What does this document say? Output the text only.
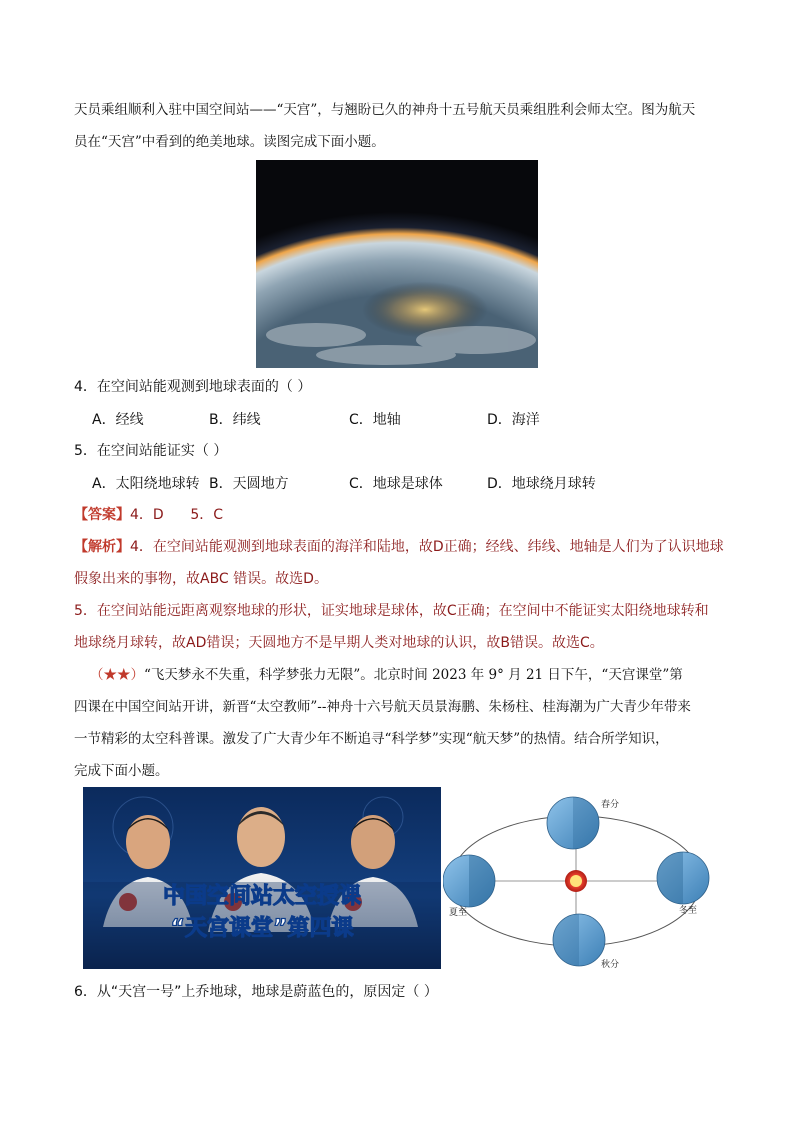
天员乘组顺利入驻中国空间站——“天宫”，与翘盼已久的神舟十五号航天员乘组胜利会师太空。图为航天
员在“天宫”中看到的绝美地球。读图完成下面小题。
4．在空间站能观测到地球表面的（ ）
A．经线	B．纬线	C．地轴	D．海洋
5．在空间站能证实（ ）
A．太阳绕地球转 B．天圆地方	C．地球是球体	D．地球绕月球转
【答案】4．D      5．C
【解析】4．在空间站能观测到地球表面的海洋和陆地，故D正确；经线、纬线、地轴是人们为了认识地球
假象出来的事物，故ABC 错误。故选D。
5．在空间站能远距离观察地球的形状，证实地球是球体，故C正确；在空间中不能证实太阳绕地球转和
地球绕月球转，故AD错误；天圆地方不是早期人类对地球的认识，故B错误。故选C。
（★★）“飞天梦永不失重，科学梦张力无限”。北京时间 2023 年 9° 月 21 日下午，“天宫课堂”第
四课在中国空间站开讲，新晋“太空教师”--神舟十六号航天员景海鹏、朱杨柱、桂海潮为广大青少年带来
一节精彩的太空科普课。激发了广大青少年不断追寻“科学梦”实现“航天梦”的热情。结合所学知识，
完成下面小题。
中国空间站太空授课
“天宫课堂”第四课
春分
夏至	冬至
秋分
6．从“天宫一号”上乔地球，地球是蔚蓝色的，原因定（ ）
